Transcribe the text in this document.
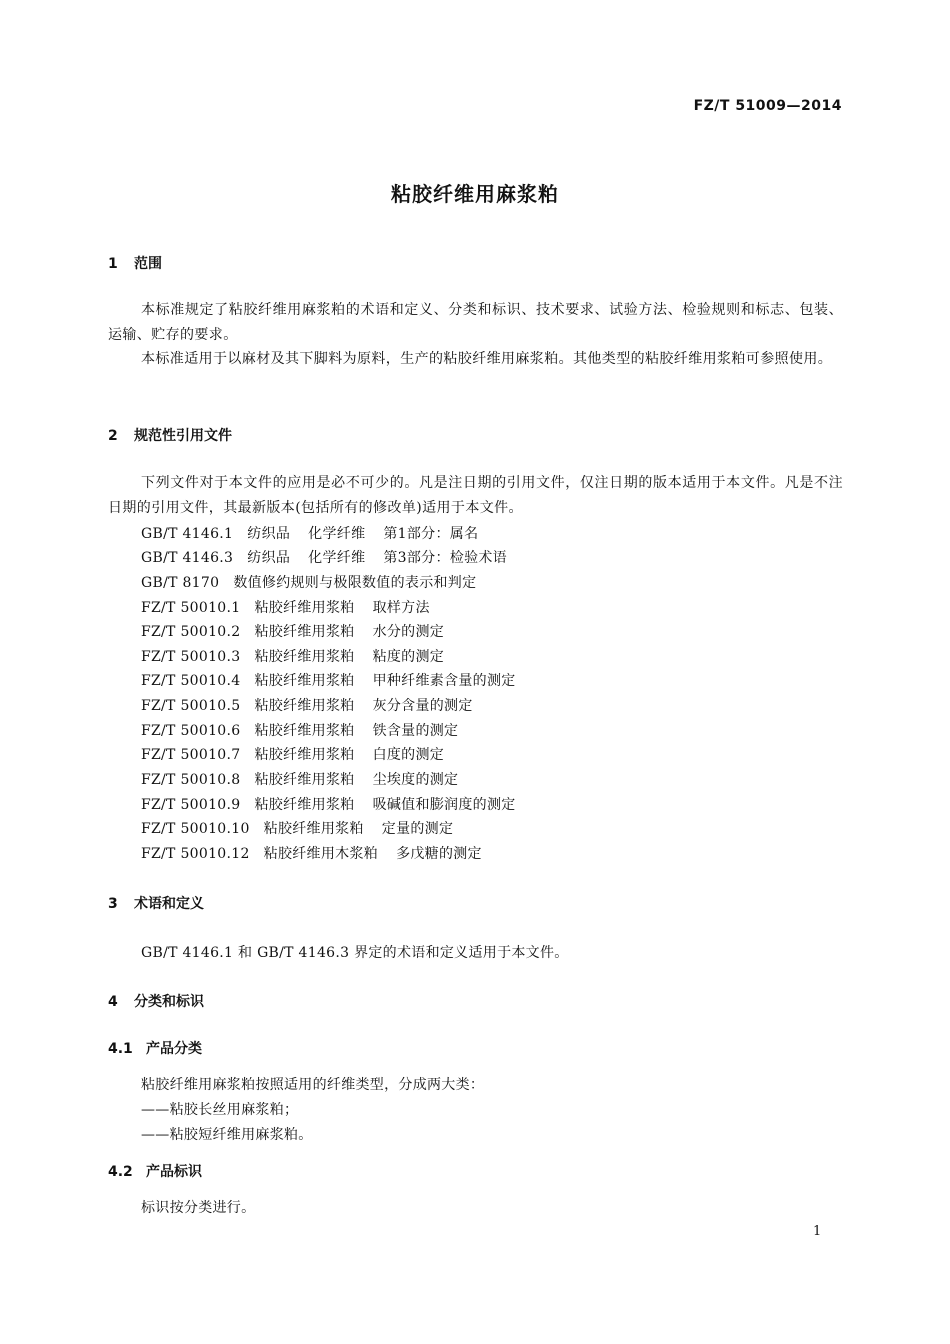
FZ/T 51009—2014
粘胶纤维用麻浆粕
1 范围
本标准规定了粘胶纤维用麻浆粕的术语和定义、分类和标识、技术要求、试验方法、检验规则和标志、包装、运输、贮存的要求。
本标准适用于以麻材及其下脚料为原料，生产的粘胶纤维用麻浆粕。其他类型的粘胶纤维用浆粕可参照使用。
2 规范性引用文件
下列文件对于本文件的应用是必不可少的。凡是注日期的引用文件，仅注日期的版本适用于本文件。凡是不注日期的引用文件，其最新版本(包括所有的修改单)适用于本文件。
GB/T 4146.1 纺织品 化学纤维 第1部分：属名
GB/T 4146.3 纺织品 化学纤维 第3部分：检验术语
GB/T 8170 数值修约规则与极限数值的表示和判定
FZ/T 50010.1 粘胶纤维用浆粕 取样方法
FZ/T 50010.2 粘胶纤维用浆粕 水分的测定
FZ/T 50010.3 粘胶纤维用浆粕 粘度的测定
FZ/T 50010.4 粘胶纤维用浆粕 甲种纤维素含量的测定
FZ/T 50010.5 粘胶纤维用浆粕 灰分含量的测定
FZ/T 50010.6 粘胶纤维用浆粕 铁含量的测定
FZ/T 50010.7 粘胶纤维用浆粕 白度的测定
FZ/T 50010.8 粘胶纤维用浆粕 尘埃度的测定
FZ/T 50010.9 粘胶纤维用浆粕 吸碱值和膨润度的测定
FZ/T 50010.10 粘胶纤维用浆粕 定量的测定
FZ/T 50010.12 粘胶纤维用木浆粕 多戊糖的测定
3 术语和定义
GB/T 4146.1 和 GB/T 4146.3 界定的术语和定义适用于本文件。
4 分类和标识
4.1 产品分类
粘胶纤维用麻浆粕按照适用的纤维类型，分成两大类：
——粘胶长丝用麻浆粕；
——粘胶短纤维用麻浆粕。
4.2 产品标识
标识按分类进行。
1
